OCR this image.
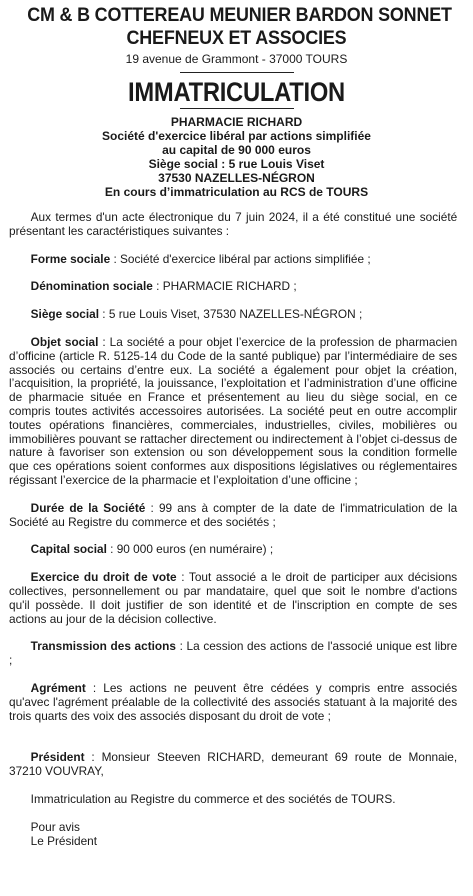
CM & B COTTEREAU MEUNIER BARDON SONNET
CHEFNEUX ET ASSOCIES
19 avenue de Grammont - 37000 TOURS
IMMATRICULATION
PHARMACIE RICHARD
Société d'exercice libéral par actions simplifiée
au capital de 90 000 euros
Siège social : 5 rue Louis Viset
37530 NAZELLES-NÉGRON
En cours d’immatriculation au RCS de TOURS

Aux termes d'un acte électronique du 7 juin 2024, il a été constitué une société présentant les caractéristiques suivantes :

Forme sociale : Société d'exercice libéral par actions simplifiée ;

Dénomination sociale : PHARMACIE RICHARD ;

Siège social : 5 rue Louis Viset, 37530 NAZELLES-NÉGRON ;

Objet social : La société a pour objet l’exercice de la profession de pharmacien d’officine (article R. 5125-14 du Code de la santé publique) par l’intermédiaire de ses associés ou certains d’entre eux. La société a également pour objet la création, l’acquisition, la propriété, la jouissance, l’exploitation et l’administration d’une officine de pharmacie située en France et présentement au lieu du siège social, en ce compris toutes activités accessoires autorisées. La société peut en outre accomplir toutes opérations financières, commerciales, industrielles, civiles, mobilières ou immobilières pouvant se rattacher directement ou indirectement à l’objet ci-dessus de nature à favoriser son extension ou son développement sous la condition formelle que ces opérations soient conformes aux dispositions législatives ou réglementaires régissant l’exercice de la pharmacie et l’exploitation d’une officine ;

Durée de la Société : 99 ans à compter de la date de l'immatriculation de la Société au Registre du commerce et des sociétés ;

Capital social : 90 000 euros (en numéraire) ;

Exercice du droit de vote : Tout associé a le droit de participer aux décisions collectives, personnellement ou par mandataire, quel que soit le nombre d'actions qu'il possède. Il doit justifier de son identité et de l'inscription en compte de ses actions au jour de la décision collective.

Transmission des actions : La cession des actions de l'associé unique est libre ;

Agrément : Les actions ne peuvent être cédées y compris entre associés qu'avec l'agrément préalable de la collectivité des associés statuant à la majorité des trois quarts des voix des associés disposant du droit de vote ;

Président : Monsieur Steeven RICHARD, demeurant 69 route de Monnaie, 37210 VOUVRAY,

Immatriculation au Registre du commerce et des sociétés de TOURS.

Pour avis

Le Président
